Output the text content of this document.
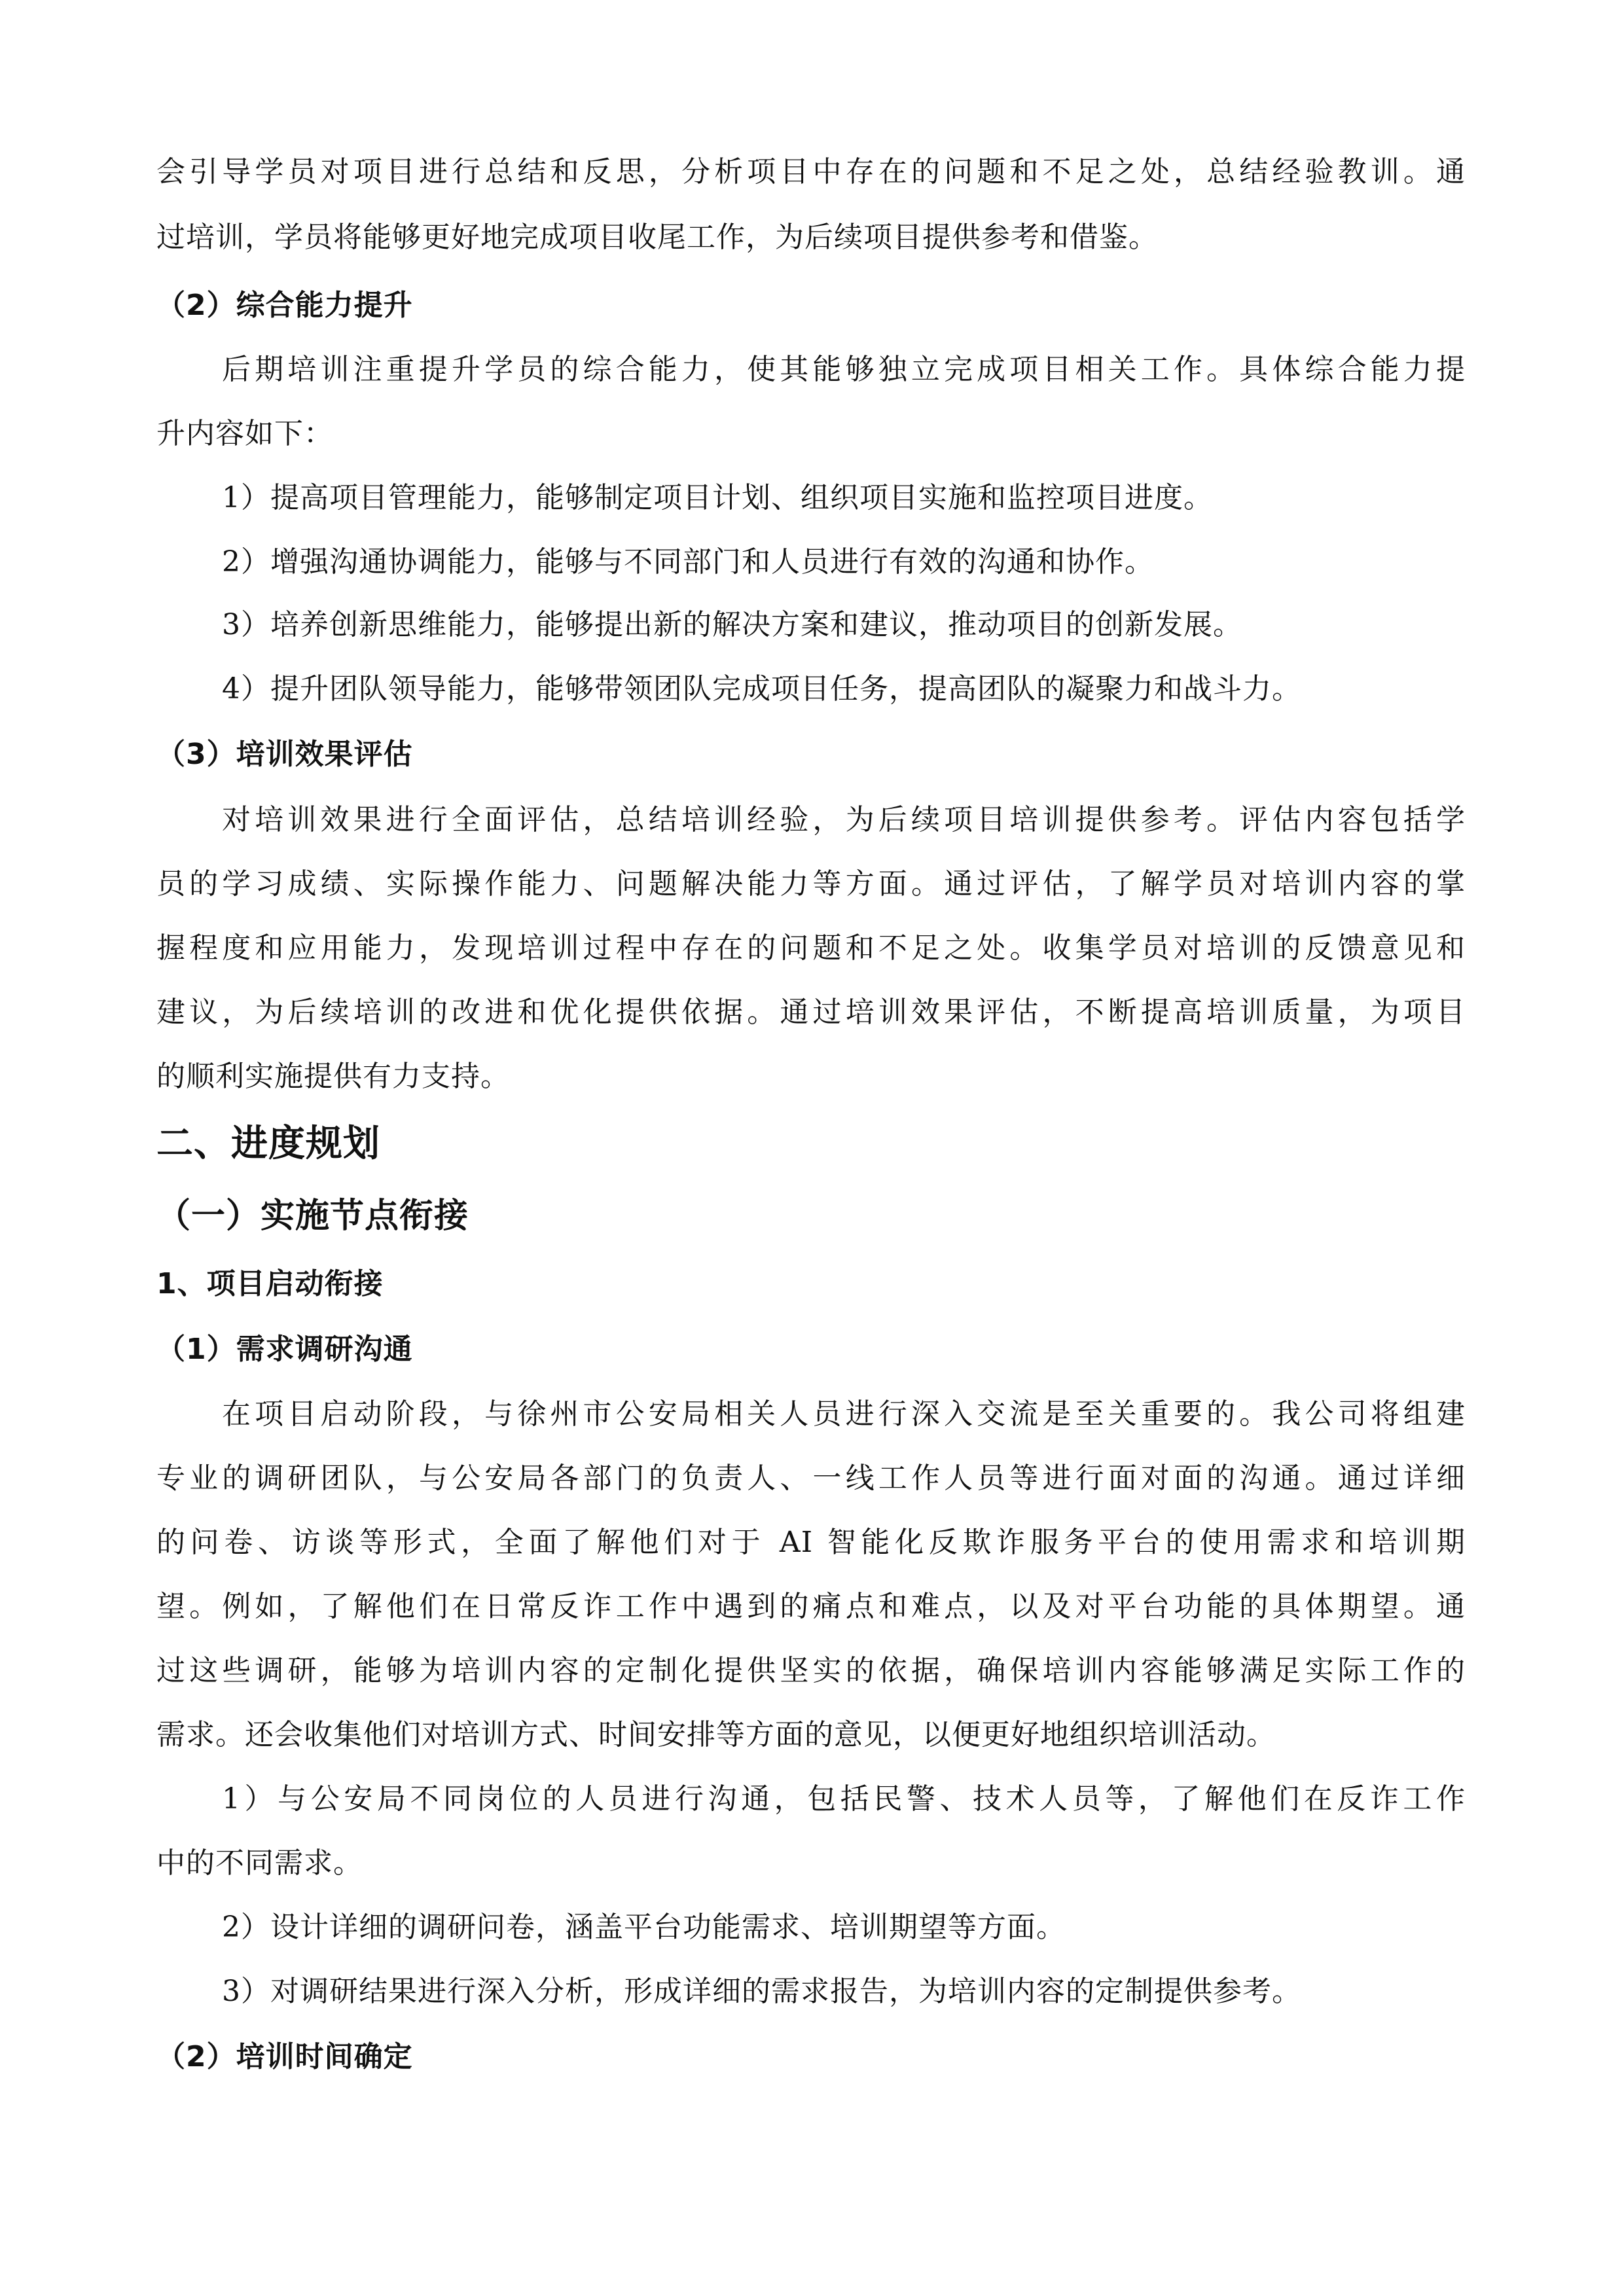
会引导学员对项目进行总结和反思，分析项目中存在的问题和不足之处，总结经验教训。通
过培训，学员将能够更好地完成项目收尾工作，为后续项目提供参考和借鉴。
（2）综合能力提升
后期培训注重提升学员的综合能力，使其能够独立完成项目相关工作。具体综合能力提
升内容如下：
1）提高项目管理能力，能够制定项目计划、组织项目实施和监控项目进度。
2）增强沟通协调能力，能够与不同部门和人员进行有效的沟通和协作。
3）培养创新思维能力，能够提出新的解决方案和建议，推动项目的创新发展。
4）提升团队领导能力，能够带领团队完成项目任务，提高团队的凝聚力和战斗力。
（3）培训效果评估
对培训效果进行全面评估，总结培训经验，为后续项目培训提供参考。评估内容包括学
员的学习成绩、实际操作能力、问题解决能力等方面。通过评估，了解学员对培训内容的掌
握程度和应用能力，发现培训过程中存在的问题和不足之处。收集学员对培训的反馈意见和
建议，为后续培训的改进和优化提供依据。通过培训效果评估，不断提高培训质量，为项目
的顺利实施提供有力支持。
二、进度规划
（一）实施节点衔接
1、项目启动衔接
（1）需求调研沟通
在项目启动阶段，与徐州市公安局相关人员进行深入交流是至关重要的。我公司将组建
专业的调研团队，与公安局各部门的负责人、一线工作人员等进行面对面的沟通。通过详细
的问卷、访谈等形式，全面了解他们对于 AI 智能化反欺诈服务平台的使用需求和培训期
望。例如，了解他们在日常反诈工作中遇到的痛点和难点，以及对平台功能的具体期望。通
过这些调研，能够为培训内容的定制化提供坚实的依据，确保培训内容能够满足实际工作的
需求。还会收集他们对培训方式、时间安排等方面的意见，以便更好地组织培训活动。
1）与公安局不同岗位的人员进行沟通，包括民警、技术人员等，了解他们在反诈工作
中的不同需求。
2）设计详细的调研问卷，涵盖平台功能需求、培训期望等方面。
3）对调研结果进行深入分析，形成详细的需求报告，为培训内容的定制提供参考。
（2）培训时间确定
